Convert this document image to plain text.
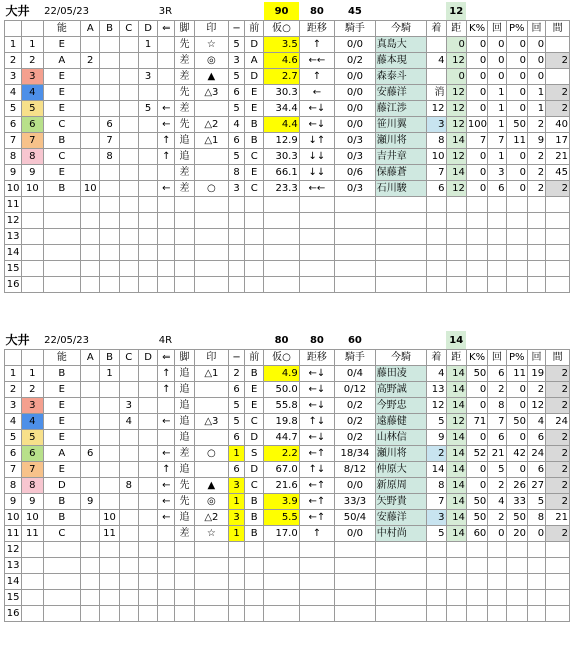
大井		22/05/23					3R					90	80	45			12					
		能	A	B	C	D	⇐	脚	印	−	前	仮○	距移	騎手	今騎	着	距	K%	回	P%	回	間
1	1	E				1		先	☆	5	D	3.5	↑	0/0	真島大		0	0	0	0	0	
2	2	A	2					差	◎	3	A	4.6	←←	0/2	藤本現	4	12	0	0	0	0	2
3	3	E				3		差	▲	5	D	2.7	↑	0/0	森泰斗		0	0	0	0	0	
4	4	E						先	△3	6	E	30.3	←	0/0	安藤洋	消	12	0	1	0	1	2
5	5	E				5	←	差		5	E	34.4	←↓	0/0	藤江渉	12	12	0	1	0	1	2
6	6	C		6			←	先	△2	4	B	4.4	←↓	0/0	笹川翼	3	12	100	1	50	2	40
7	7	B		7			↑	追	△1	6	B	12.9	↓↑	0/3	瀬川将	8	14	7	7	11	9	17
8	8	C		8			↑	追		5	C	30.3	↓↓	0/3	吉井章	10	12	0	1	0	2	21
9	9	E						差		8	E	66.1	↓↓	0/6	保藤蒼	7	14	0	3	0	2	45
10	10	B	10				←	差	○	3	C	23.3	←←	0/3	石川駿	6	12	0	6	0	2	2
11																						
12																						
13																						
14																						
15																						
16																						
大井		22/05/23					4R					80	80	60			14					
		能	A	B	C	D	⇐	脚	印	−	前	仮○	距移	騎手	今騎	着	距	K%	回	P%	回	間
1	1	B		1			↑	追	△1	2	B	4.9	←↓	0/4	藤田凌	4	14	50	6	11	19	2
2	2	E					↑	追		6	E	50.0	←↓	0/12	高野誠	13	14	0	2	0	2	2
3	3	E			3			追		5	E	55.8	←↓	0/2	今野忠	12	14	0	8	0	12	2
4	4	E			4		←	追	△3	5	C	19.8	↑↓	0/2	遠藤健	5	12	71	7	50	4	24
5	5	E						追		6	D	44.7	←↓	0/2	山林信	9	14	0	6	0	6	2
6	6	A	6				←	差	○	1	S	2.2	←↑	18/34	瀬川将	2	14	52	21	42	24	2
7	7	E					↑	追		6	D	67.0	↑↓	8/12	仲原大	14	14	0	5	0	6	2
8	8	D			8		←	先	▲	3	C	21.6	←↑	0/0	新原周	8	14	0	2	26	27	2
9	9	B	9				←	先	◎	1	B	3.9	←↑	33/3	矢野貴	7	14	50	4	33	5	2
10	10	B		10			←	追	△2	3	B	5.5	←↑	50/4	安藤洋	3	14	50	2	50	8	21
11	11	C		11				差	☆	1	B	17.0	↑	0/0	中村尚	5	14	60	0	20	0	2
12																						
13																						
14																						
15																						
16																						
